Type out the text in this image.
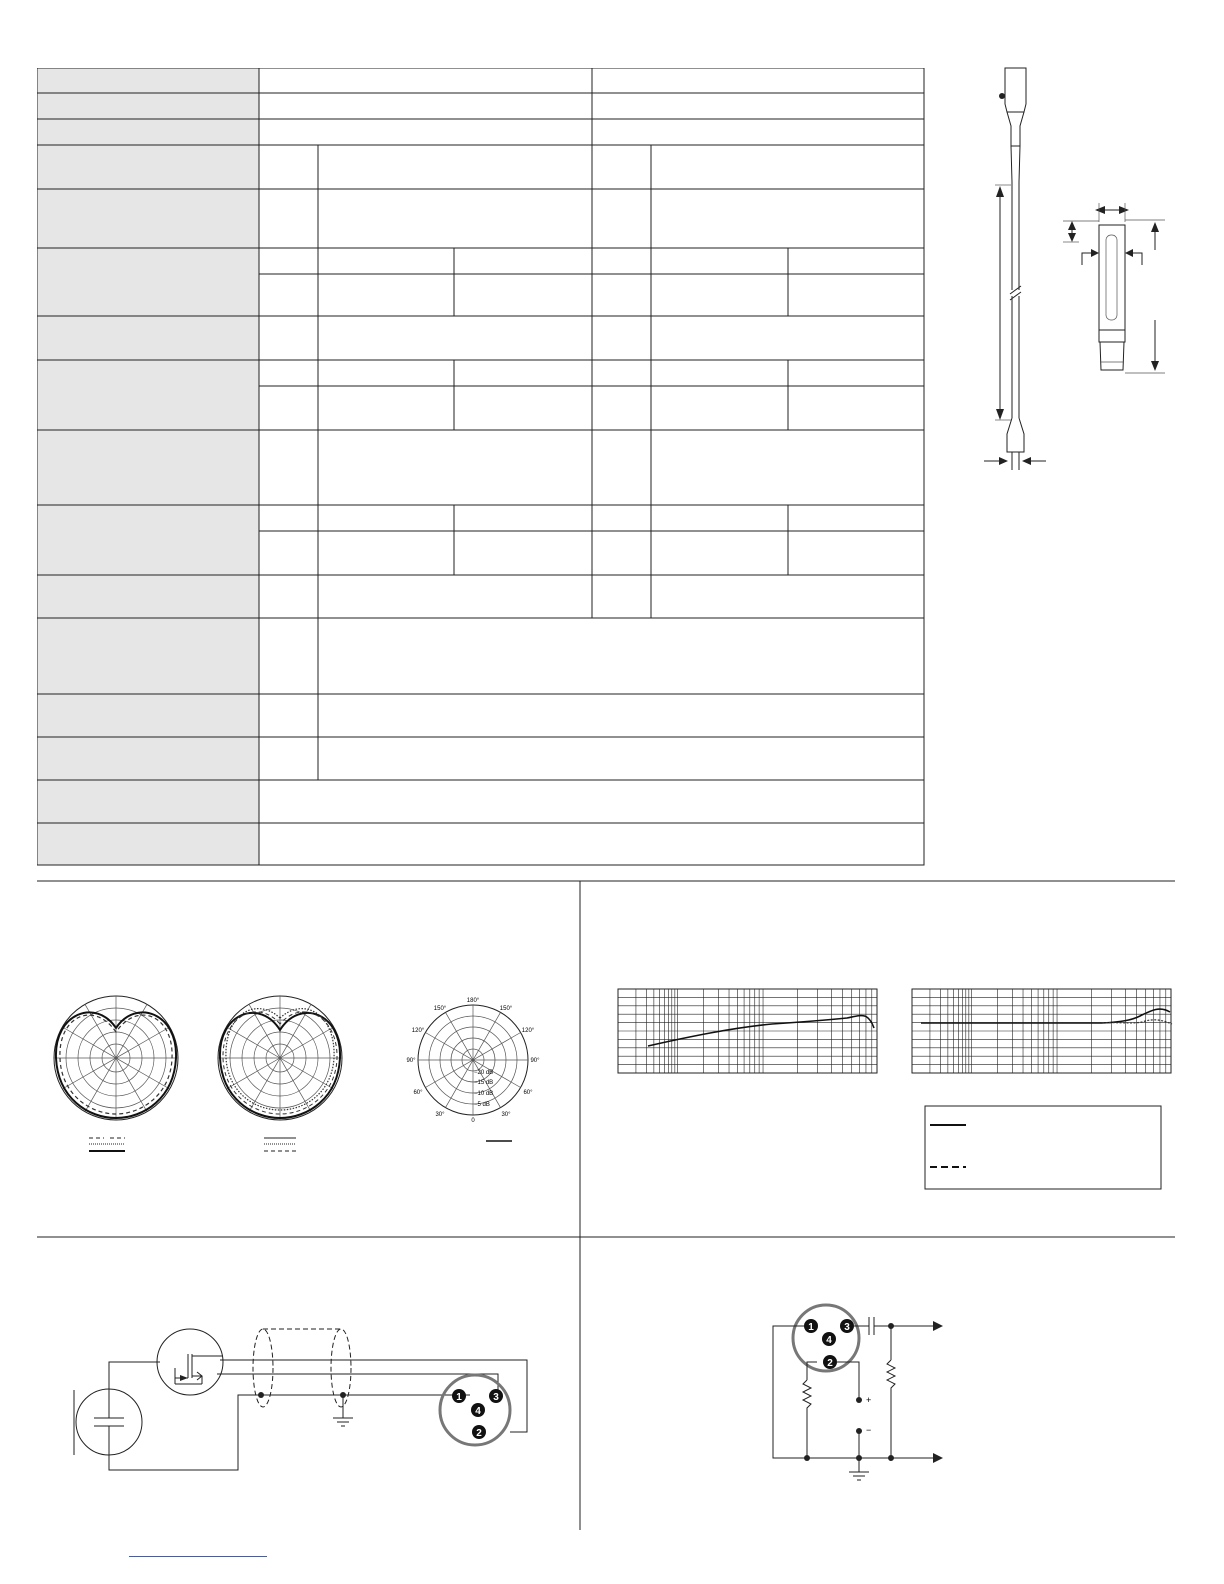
180°
150°	150°
120°	120°
90°	90°
60°	60°
30°	30°
0
−20 dB
−15 dB
−10 dB
−5 dB
1	3
4
2
1	3
4
2
+
−
